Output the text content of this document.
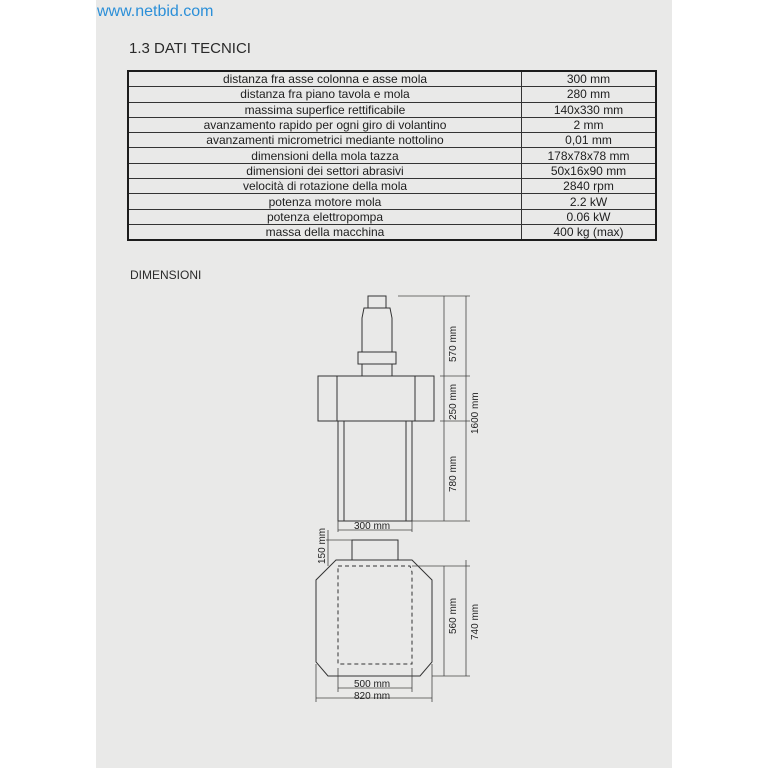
www.netbid.com
1.3 DATI TECNICI
distanza fra asse colonna e asse mola	300 mm
distanza fra piano tavola e mola	280 mm
massima superfice rettificabile	140x330 mm
avanzamento rapido per ogni giro di volantino	2 mm
avanzamenti micrometrici mediante nottolino	0,01 mm
dimensioni della mola tazza	178x78x78 mm
dimensioni dei settori abrasivi	50x16x90 mm
velocità di rotazione della mola	2840 rpm
potenza motore mola	2.2 kW
potenza elettropompa	0.06 kW
massa della macchina	400 kg (max)
DIMENSIONI
570 mm
250 mm
780 mm
1600 mm
300 mm
150 mm
560 mm 740 mm
500 mm
820 mm
